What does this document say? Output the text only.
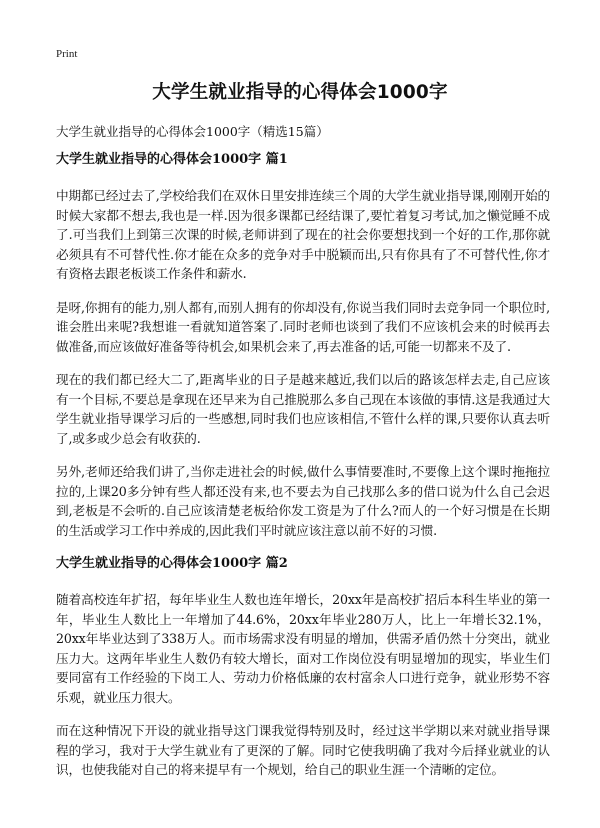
Print
大学生就业指导的心得体会1000字

大学生就业指导的心得体会1000字（精选15篇）

大学生就业指导的心得体会1000字 篇1

中期都已经过去了,学校给我们在双休日里安排连续三个周的大学生就业指导课,刚刚开始的时候大家都不想去,我也是一样.因为很多课都已经结课了,要忙着复习考试,加之懒觉睡不成了.可当我们上到第三次课的时候,老师讲到了现在的社会你要想找到一个好的工作,那你就必须具有不可替代性.你才能在众多的竞争对手中脱颖而出,只有你具有了不可替代性,你才有资格去跟老板谈工作条件和薪水.

是呀,你拥有的能力,别人都有,而别人拥有的你却没有,你说当我们同时去竞争同一个职位时,谁会胜出来呢?我想谁一看就知道答案了.同时老师也谈到了我们不应该机会来的时候再去做准备,而应该做好准备等待机会,如果机会来了,再去准备的话,可能一切都来不及了.

现在的我们都已经大二了,距离毕业的日子是越来越近,我们以后的路该怎样去走,自己应该有一个目标,不要总是拿现在还早来为自己推脱那么多自己现在本该做的事情.这是我通过大学生就业指导课学习后的一些感想,同时我们也应该相信,不管什么样的课,只要你认真去听了,或多或少总会有收获的.

另外,老师还给我们讲了,当你走进社会的时候,做什么事情要准时,不要像上这个课时拖拖拉拉的,上课20多分钟有些人都还没有来,也不要去为自己找那么多的借口说为什么自己会迟到,老板是不会听的.自己应该清楚老板给你发工资是为了什么?而人的一个好习惯是在长期的生活或学习工作中养成的,因此我们平时就应该注意以前不好的习惯.

大学生就业指导的心得体会1000字 篇2

随着高校连年扩招，每年毕业生人数也连年增长，20xx年是高校扩招后本科生毕业的第一年，毕业生人数比上一年增加了44.6%，20xx年毕业280万人，比上一年增长32.1%，20xx年毕业达到了338万人。而市场需求没有明显的增加，供需矛盾仍然十分突出，就业压力大。这两年毕业生人数仍有较大增长，面对工作岗位没有明显增加的现实，毕业生们要同富有工作经验的下岗工人、劳动力价格低廉的农村富余人口进行竞争，就业形势不容乐观，就业压力很大。

而在这种情况下开设的就业指导这门课我觉得特别及时，经过这半学期以来对就业指导课程的学习，我对于大学生就业有了更深的了解。同时它使我明确了我对今后择业就业的认识，也使我能对自己的将来提早有一个规划，给自己的职业生涯一个清晰的定位。
